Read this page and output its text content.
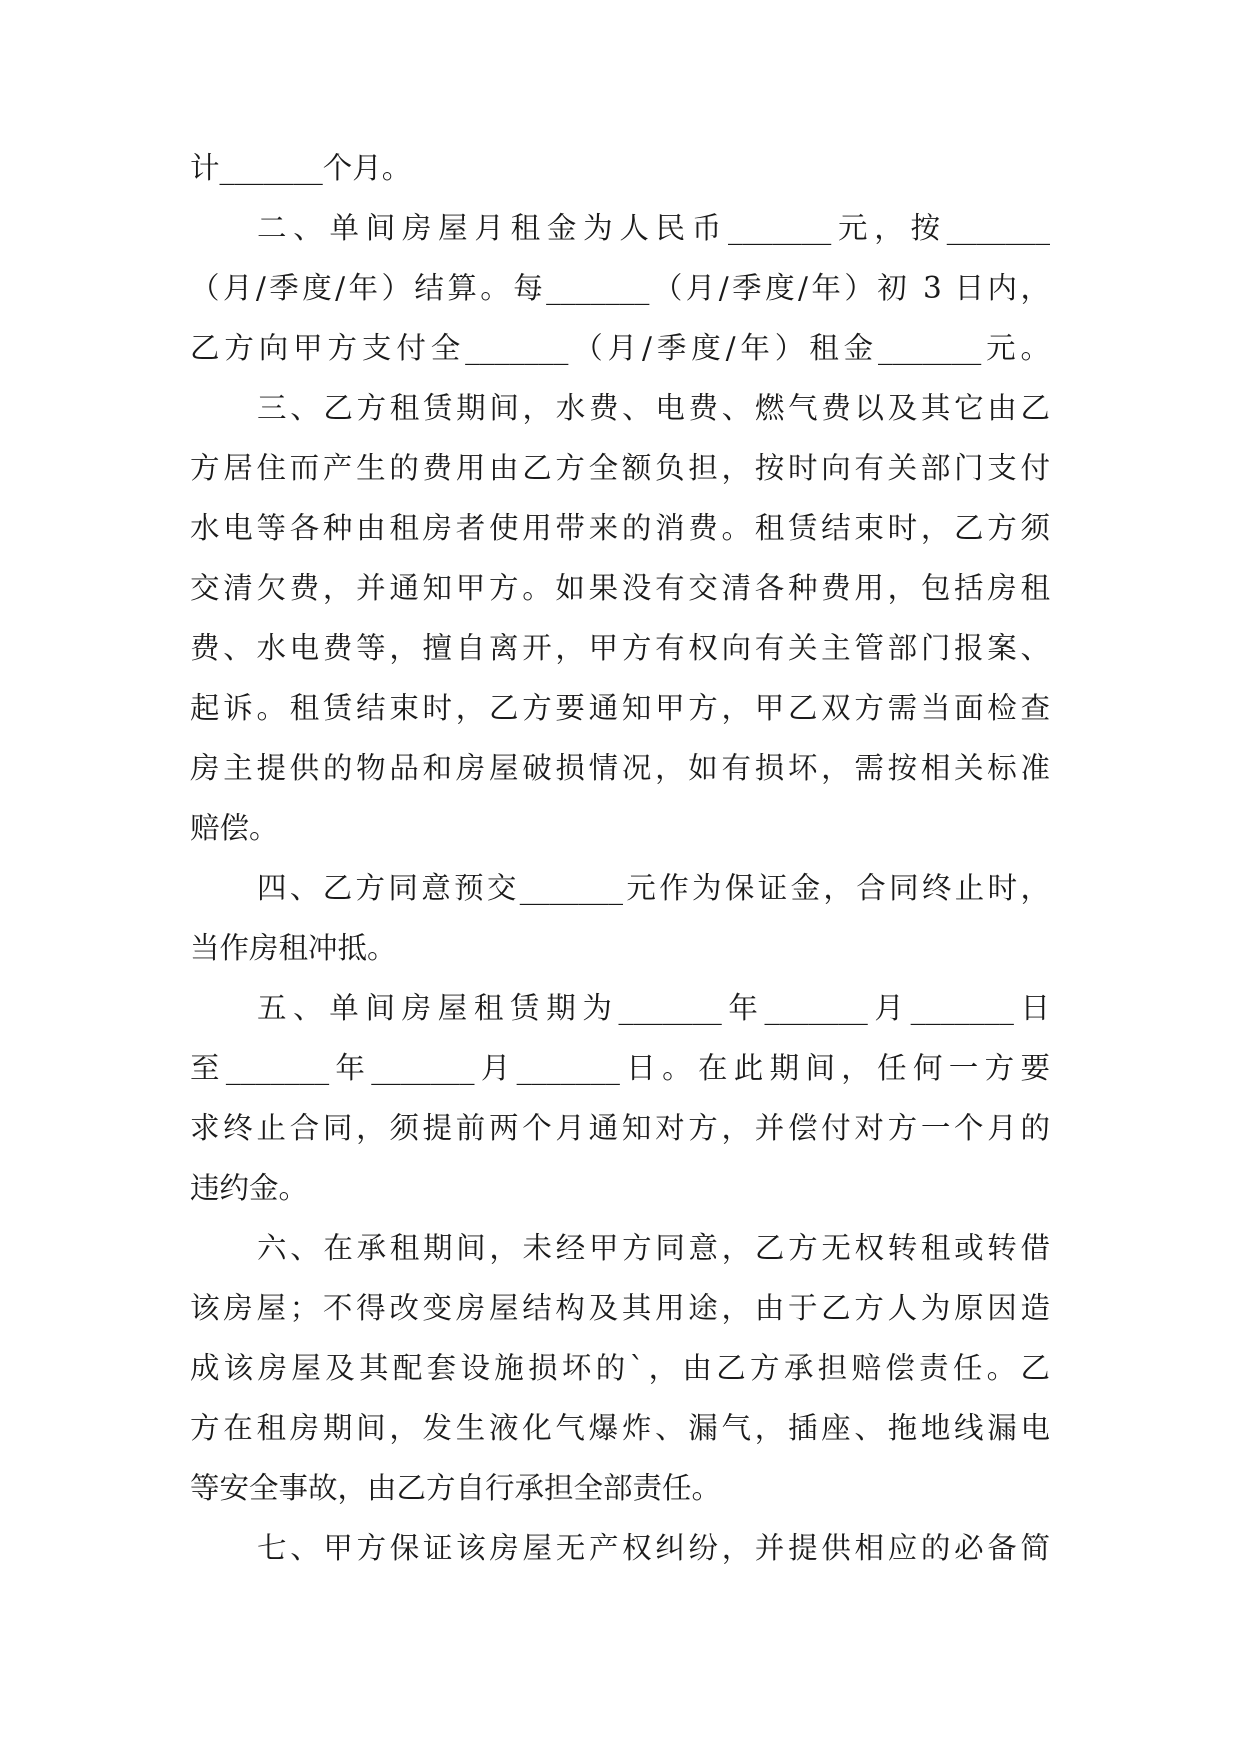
计_______个月。
二、单间房屋月租金为人民币_______元，按_______
（月/季度/年）结算。每_______（月/季度/年）初 3 日内，
乙方向甲方支付全_______（月/季度/年）租金_______元。
三、乙方租赁期间，水费、电费、燃气费以及其它由乙
方居住而产生的费用由乙方全额负担，按时向有关部门支付
水电等各种由租房者使用带来的消费。租赁结束时，乙方须
交清欠费，并通知甲方。如果没有交清各种费用，包括房租
费、水电费等，擅自离开，甲方有权向有关主管部门报案、
起诉。租赁结束时，乙方要通知甲方，甲乙双方需当面检查
房主提供的物品和房屋破损情况，如有损坏，需按相关标准
赔偿。
四、乙方同意预交_______元作为保证金，合同终止时，
当作房租冲抵。
五、单间房屋租赁期为_______年_______月_______日
至_______年_______月_______日。在此期间，任何一方要
求终止合同，须提前两个月通知对方，并偿付对方一个月的
违约金。
六、在承租期间，未经甲方同意，乙方无权转租或转借
该房屋；不得改变房屋结构及其用途，由于乙方人为原因造
成该房屋及其配套设施损坏的`，由乙方承担赔偿责任。乙
方在租房期间，发生液化气爆炸、漏气，插座、拖地线漏电
等安全事故，由乙方自行承担全部责任。
七、甲方保证该房屋无产权纠纷，并提供相应的必备简
